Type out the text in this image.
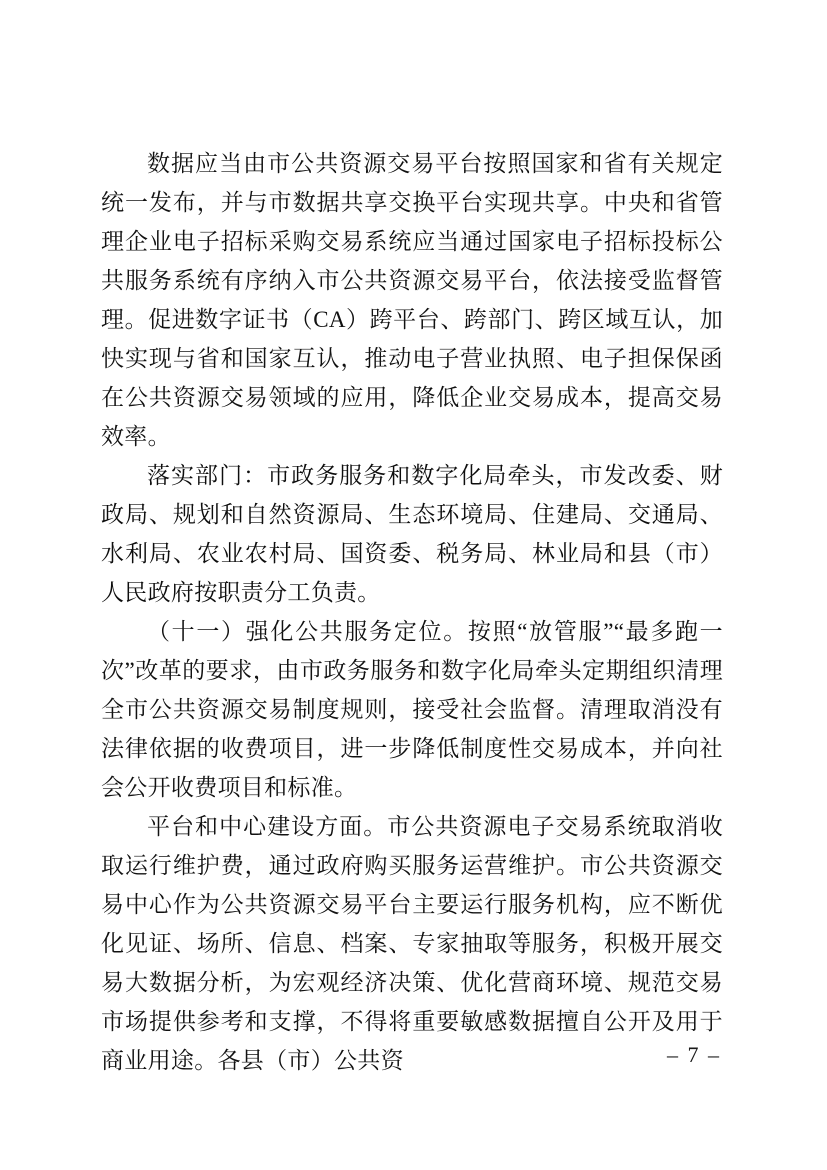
数据应当由市公共资源交易平台按照国家和省有关规定统一发布，并与市数据共享交换平台实现共享。中央和省管理企业电子招标采购交易系统应当通过国家电子招标投标公共服务系统有序纳入市公共资源交易平台，依法接受监督管理。促进数字证书（CA）跨平台、跨部门、跨区域互认，加快实现与省和国家互认，推动电子营业执照、电子担保保函在公共资源交易领域的应用，降低企业交易成本，提高交易效率。

落实部门：市政务服务和数字化局牵头，市发改委、财政局、规划和自然资源局、生态环境局、住建局、交通局、水利局、农业农村局、国资委、税务局、林业局和县（市）人民政府按职责分工负责。

（十一）强化公共服务定位。按照“放管服”“最多跑一次”改革的要求，由市政务服务和数字化局牵头定期组织清理全市公共资源交易制度规则，接受社会监督。清理取消没有法律依据的收费项目，进一步降低制度性交易成本，并向社会公开收费项目和标准。

平台和中心建设方面。市公共资源电子交易系统取消收取运行维护费，通过政府购买服务运营维护。市公共资源交易中心作为公共资源交易平台主要运行服务机构，应不断优化见证、场所、信息、档案、专家抽取等服务，积极开展交易大数据分析，为宏观经济决策、优化营商环境、规范交易市场提供参考和支撑，不得将重要敏感数据擅自公开及用于商业用途。各县（市）公共资	– 7 –
